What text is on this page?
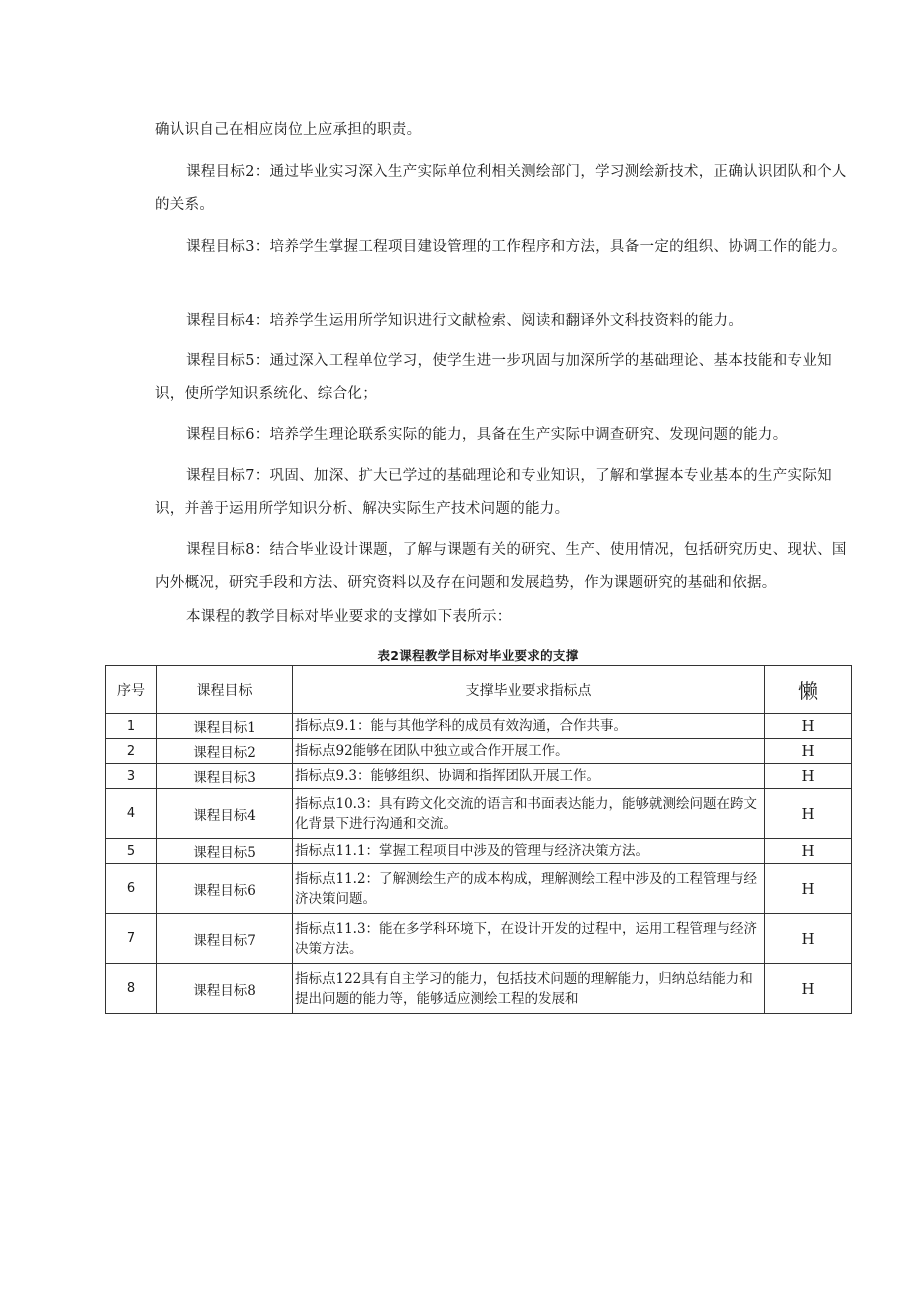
确认识自己在相应岗位上应承担的职责。

课程目标2：通过毕业实习深入生产实际单位利相关测绘部门，学习测绘新技术，正确认识团队和个人的关系。

课程目标3：培养学生掌握工程项目建设管理的工作程序和方法，具备一定的组织、协调工作的能力。

课程目标4：培养学生运用所学知识进行文献检索、阅读和翻译外文科技资料的能力。

课程目标5：通过深入工程单位学习，使学生进一步巩固与加深所学的基础理论、基本技能和专业知识，使所学知识系统化、综合化；

课程目标6：培养学生理论联系实际的能力，具备在生产实际中调查研究、发现问题的能力。

课程目标7：巩固、加深、扩大已学过的基础理论和专业知识，了解和掌握本专业基本的生产实际知识，并善于运用所学知识分析、解决实际生产技术问题的能力。

课程目标8：结合毕业设计课题，了解与课题有关的研究、生产、使用情况，包括研究历史、现状、国内外概况，研究手段和方法、研究资料以及存在问题和发展趋势，作为课题研究的基础和依据。

本课程的教学目标对毕业要求的支撑如下表所示：

表2课程教学目标对毕业要求的支撑
序号	课程目标	支撑毕业要求指标点	懒
1	课程目标1	指标点9.1：能与其他学科的成员有效沟通，合作共事。	H
2	课程目标2	指标点92能够在团队中独立或合作开展工作。	H
3	课程目标3	指标点9.3：能够组织、协调和指挥团队开展工作。	H
4	课程目标4	指标点10.3：具有跨文化交流的语言和书面表达能力，能够就测绘问题在跨文化背景下进行沟通和交流。	H
5	课程目标5	指标点11.1：掌握工程项目中涉及的管理与经济决策方法。	H
6	课程目标6	指标点11.2：了解测绘生产的成本构成，理解测绘工程中涉及的工程管理与经济决策问题。	H
7	课程目标7	指标点11.3：能在多学科环境下，在设计开发的过程中，运用工程管理与经济决策方法。	H
8	课程目标8	指标点122具有自主学习的能力，包括技术问题的理解能力，归纳总结能力和提出问题的能力等，能够适应测绘工程的发展和	H
